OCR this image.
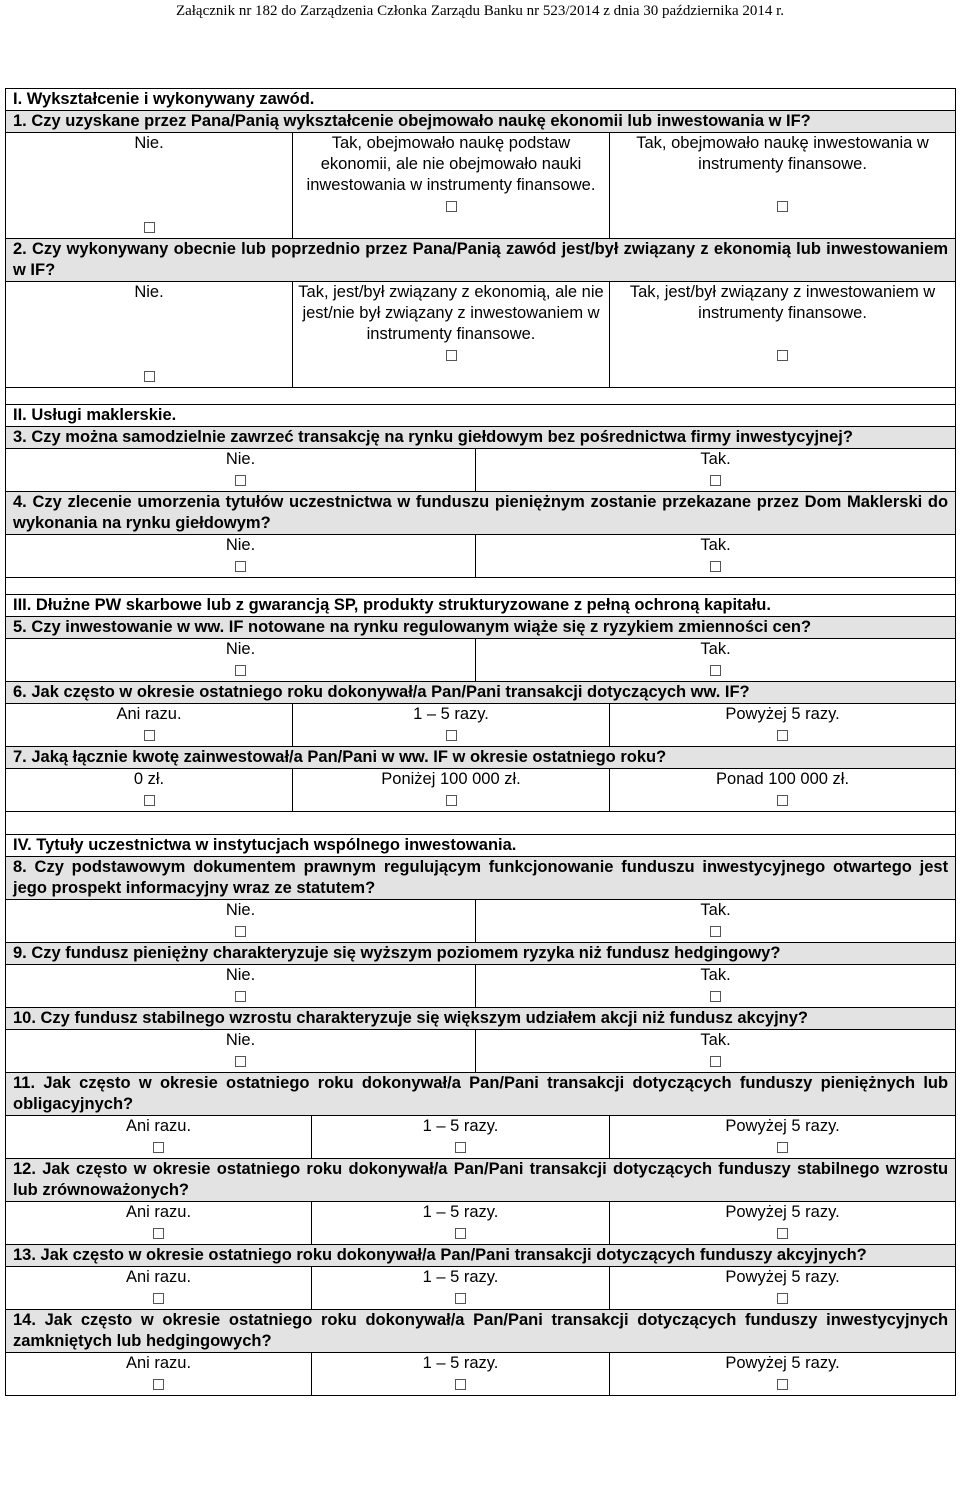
Załącznik nr 182 do Zarządzenia Członka Zarządu Banku nr 523/2014 z dnia 30 października 2014 r.
I. Wykształcenie i wykonywany zawód.				
1. Czy uzyskane przez Pana/Panią wykształcenie obejmowało naukę ekonomii lub inwestowania w IF?				

Nie.	Tak, obejmowało naukę podstaw ekonomii, ale nie obejmowało nauki inwestowania w instrumenty finansowe.			Tak, obejmowało naukę inwestowania w instrumenty finansowe.

2. Czy wykonywany obecnie lub poprzednio przez Pana/Panią zawód jest/był związany z ekonomią lub inwestowaniem w IF?				

Nie.	Tak, jest/był związany z ekonomią, ale nie jest/nie był związany z inwestowaniem w instrumenty finansowe.			Tak, jest/był związany z inwestowaniem w instrumenty finansowe.

II. Usługi maklerskie.				
3. Czy można samodzielnie zawrzeć transakcję na rynku giełdowym bez pośrednictwa firmy inwestycyjnej?				

Nie.			Tak.	

4. Czy zlecenie umorzenia tytułów uczestnictwa w funduszu pieniężnym zostanie przekazane przez Dom Maklerski do wykonania na rynku giełdowym?				

Nie.			Tak.	

III. Dłużne PW skarbowe lub z gwarancją SP, produkty strukturyzowane z pełną ochroną kapitału.				
5. Czy inwestowanie w ww. IF notowane na rynku regulowanym wiąże się z ryzykiem zmienności cen?				

Nie.			Tak.	

6. Jak często w okresie ostatniego roku dokonywał/a Pan/Pani transakcji dotyczących ww. IF?				

Ani razu.	1 – 5 razy.			Powyżej 5 razy.

7. Jaką łącznie kwotę zainwestował/a Pan/Pani w ww. IF w okresie ostatniego roku?				

0 zł.	Poniżej 100 000 zł.			Ponad 100 000 zł.

IV. Tytuły uczestnictwa w instytucjach wspólnego inwestowania.				
8. Czy podstawowym dokumentem prawnym regulującym funkcjonowanie funduszu inwestycyjnego otwartego jest jego prospekt informacyjny wraz ze statutem?				

Nie.			Tak.	

9. Czy fundusz pieniężny charakteryzuje się wyższym poziomem ryzyka niż fundusz hedgingowy?				

Nie.			Tak.	

10. Czy fundusz stabilnego wzrostu charakteryzuje się większym udziałem akcji niż fundusz akcyjny?				

Nie.			Tak.	

11. Jak często w okresie ostatniego roku dokonywał/a Pan/Pani transakcji dotyczących funduszy pieniężnych lub obligacyjnych?				

Ani razu.		1 – 5 razy.		Powyżej 5 razy.

12. Jak często w okresie ostatniego roku dokonywał/a Pan/Pani transakcji dotyczących funduszy stabilnego wzrostu lub zrównoważonych?				

Ani razu.		1 – 5 razy.		Powyżej 5 razy.

13. Jak często w okresie ostatniego roku dokonywał/a Pan/Pani transakcji dotyczących funduszy akcyjnych?				

Ani razu.		1 – 5 razy.		Powyżej 5 razy.

14. Jak często w okresie ostatniego roku dokonywał/a Pan/Pani transakcji dotyczących funduszy inwestycyjnych zamkniętych lub hedgingowych?				

Ani razu.		1 – 5 razy.		Powyżej 5 razy.
